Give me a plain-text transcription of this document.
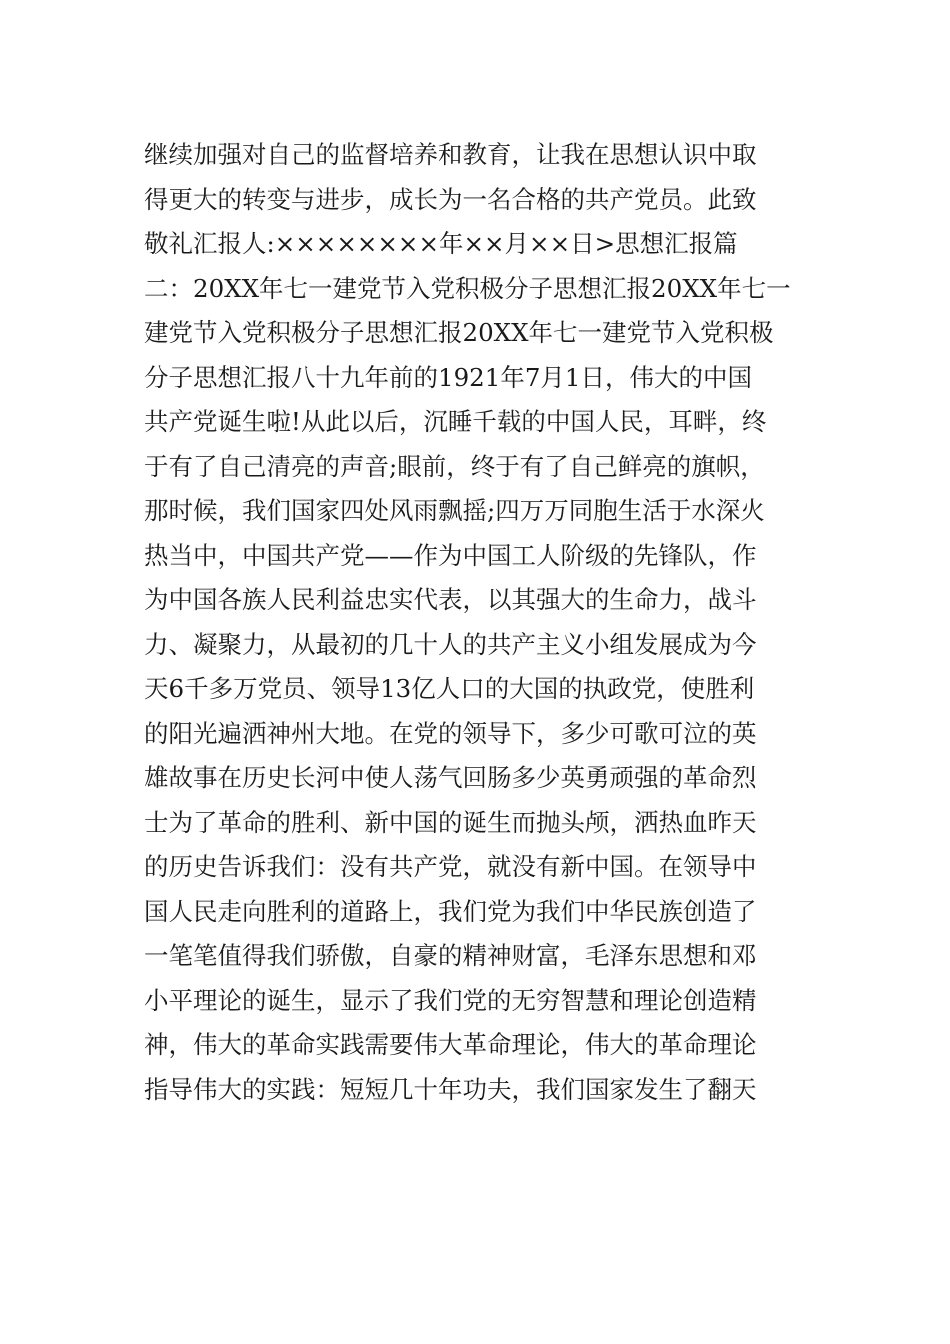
继续加强对自己的监督培养和教育，让我在思想认识中取
得更大的转变与进步，成长为一名合格的共产党员。此致
敬礼汇报人:××××××××年××月××日>思想汇报篇
二：20XX年七一建党节入党积极分子思想汇报20XX年七一
建党节入党积极分子思想汇报20XX年七一建党节入党积极
分子思想汇报八十九年前的1921年7月1日，伟大的中国
共产党诞生啦!从此以后，沉睡千载的中国人民，耳畔，终
于有了自己清亮的声音;眼前，终于有了自己鲜亮的旗帜，
那时候，我们国家四处风雨飘摇;四万万同胞生活于水深火
热当中，中国共产党——作为中国工人阶级的先锋队，作
为中国各族人民利益忠实代表，以其强大的生命力，战斗
力、凝聚力，从最初的几十人的共产主义小组发展成为今
天6千多万党员、领导13亿人口的大国的执政党，使胜利
的阳光遍洒神州大地。在党的领导下，多少可歌可泣的英
雄故事在历史长河中使人荡气回肠多少英勇顽强的革命烈
士为了革命的胜利、新中国的诞生而抛头颅，洒热血昨天
的历史告诉我们：没有共产党，就没有新中国。在领导中
国人民走向胜利的道路上，我们党为我们中华民族创造了
一笔笔值得我们骄傲，自豪的精神财富，毛泽东思想和邓
小平理论的诞生，显示了我们党的无穷智慧和理论创造精
神，伟大的革命实践需要伟大革命理论，伟大的革命理论
指导伟大的实践：短短几十年功夫，我们国家发生了翻天
